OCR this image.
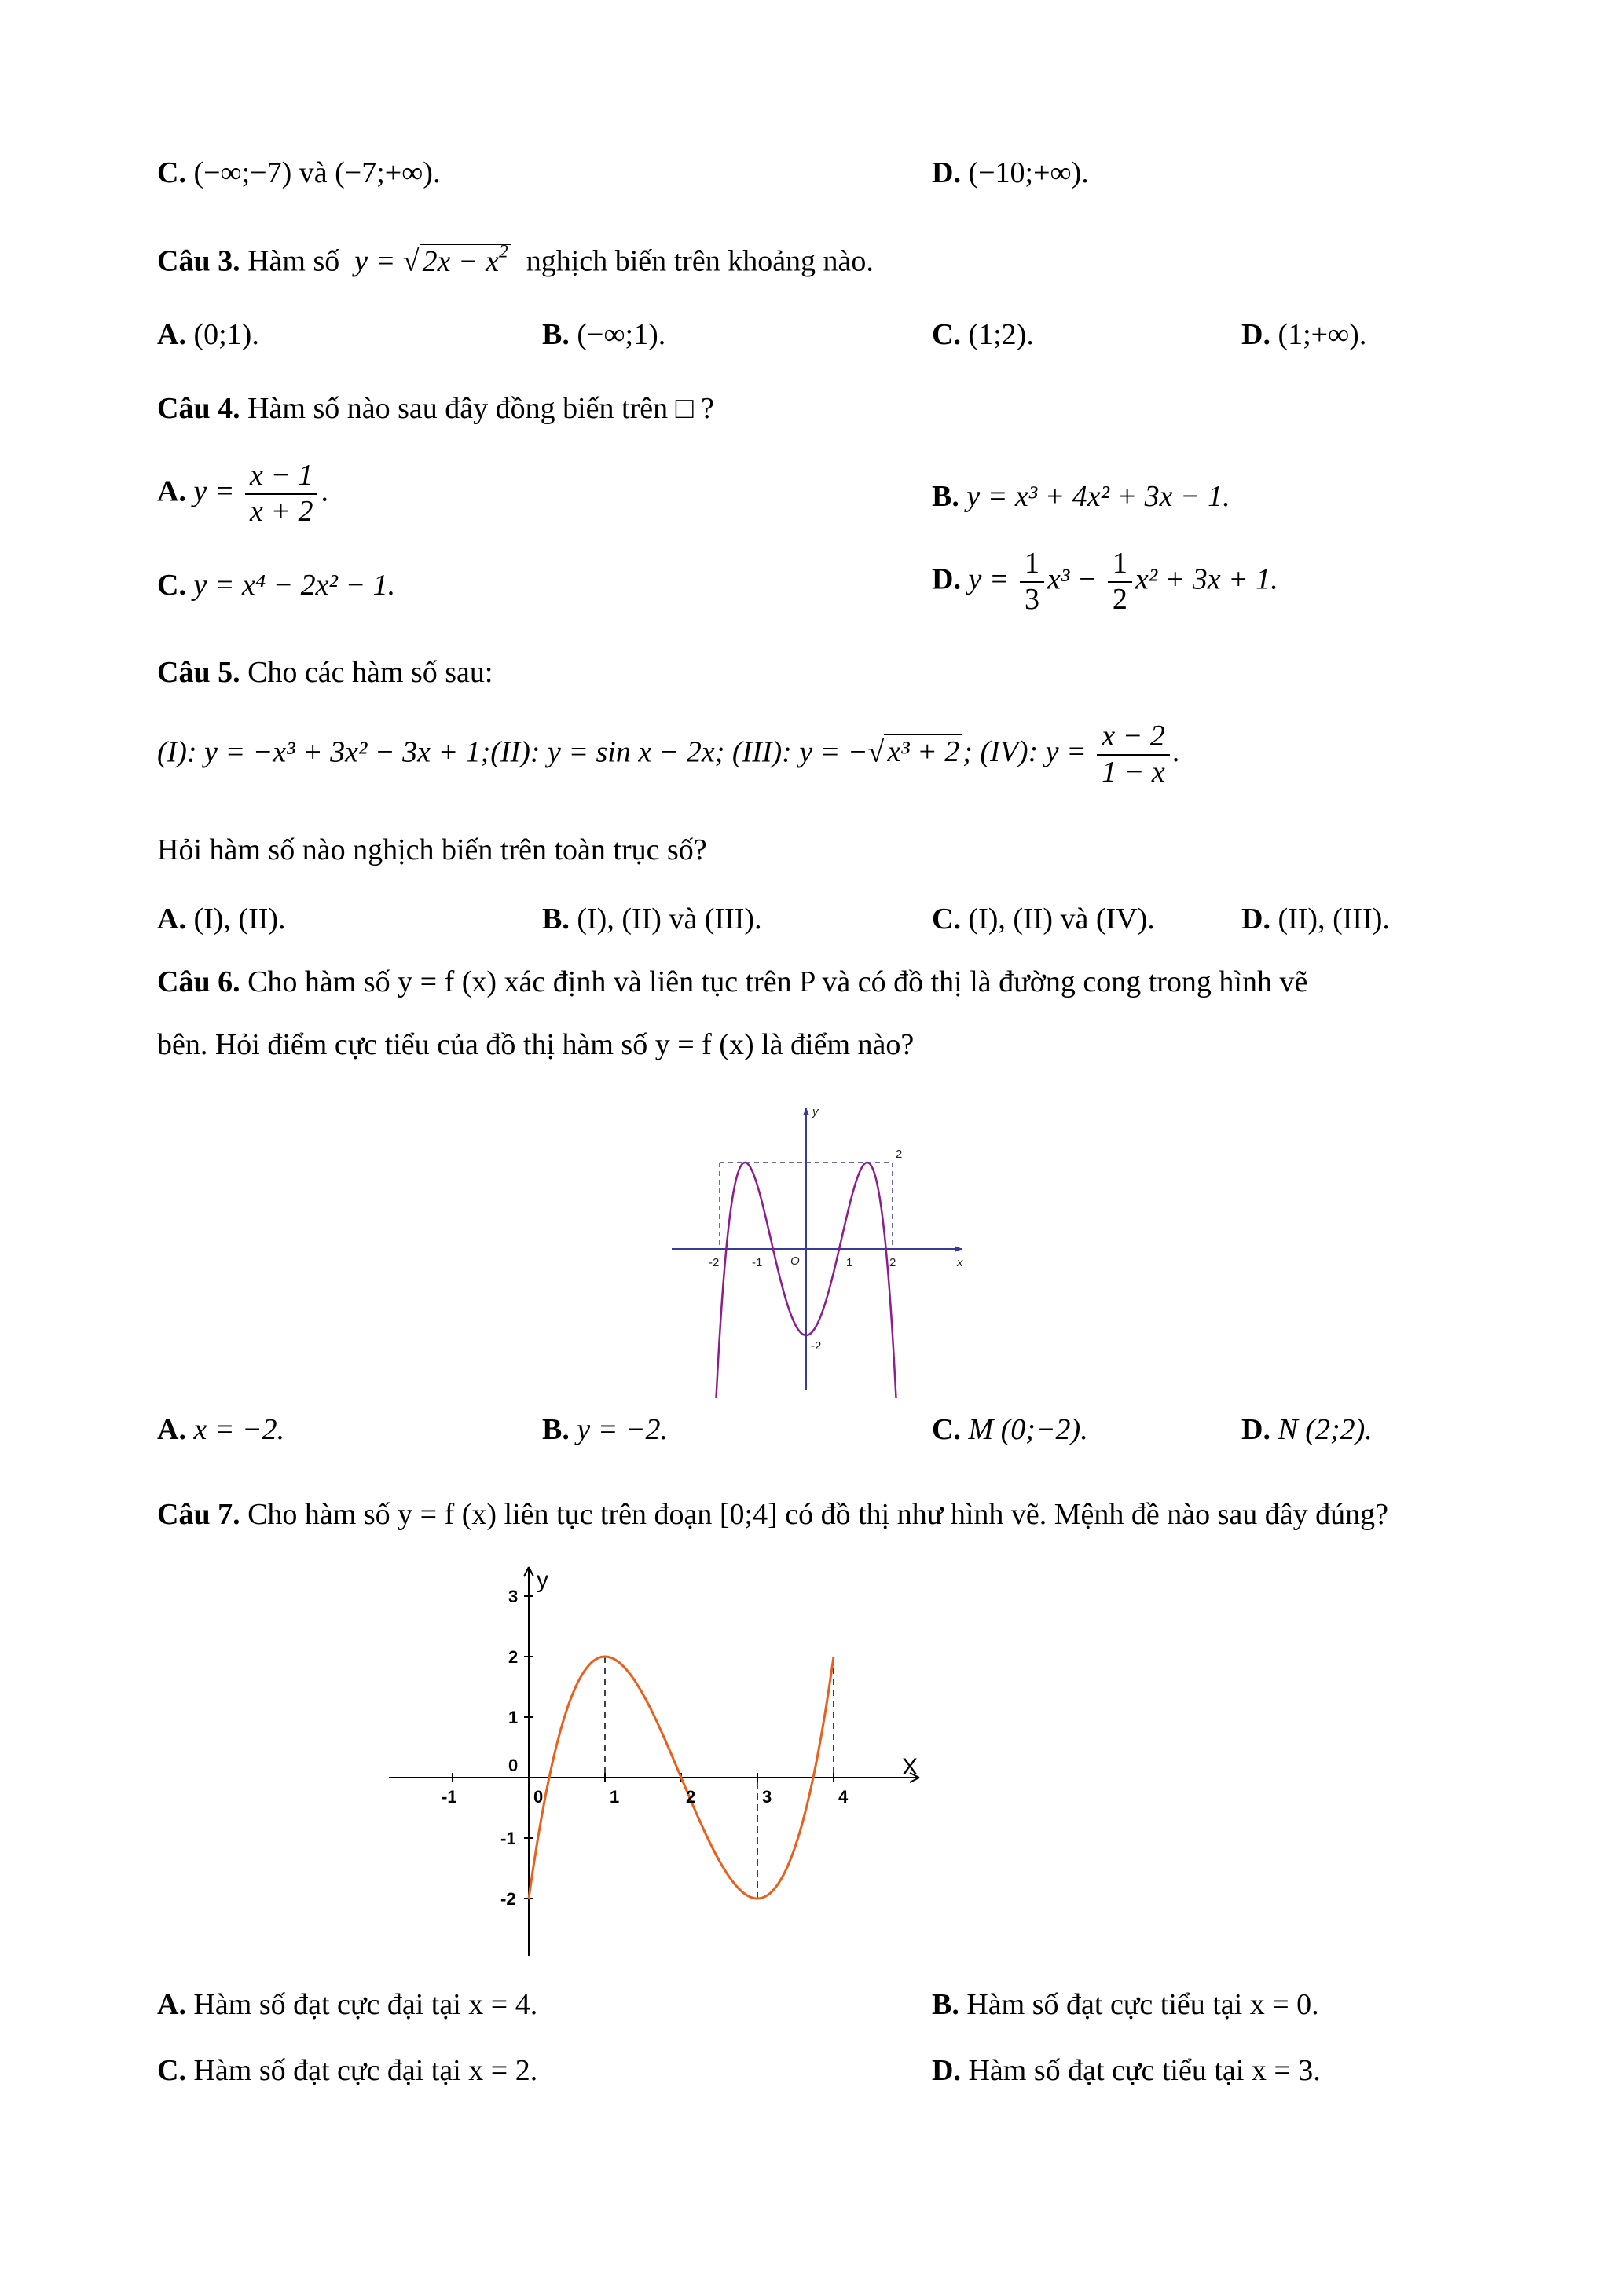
C. (−∞;−7) và (−7;+∞).	D. (−10;+∞).
Câu 3. Hàm số y = √ $2x - x^2$ nghịch biến trên khoảng nào.
A. (0;1).	B. (−∞;1).	C. (1;2).	D. (1;+∞).
Câu 4. Hàm số nào sau đây đồng biến trên □ ?
A. $y = \frac{x - 1}{x + 2}$ .	B. y = x³ + 4x² + 3x − 1.
C. y = x⁴ − 2x² − 1.	D. $y = \frac{1}{3} x^3 - \frac{1}{2} x^2 + 3x + 1$.
Câu 5. Cho các hàm số sau:
(I): y = −x³ + 3x² − 3x + 1;(II): y = sin x − 2x; (III): y = −√ x³ + 2 ; (IV): $y = \frac{x - 2}{1 - x}$ .
Hỏi hàm số nào nghịch biến trên toàn trục số?
A. (I), (II).	B. (I), (II) và (III).	C. (I), (II) và (IV).	D. (II), (III).
Câu 6. Cho hàm số y = f (x) xác định và liên tục trên P và có đồ thị là đường cong trong hình vẽ
bên. Hỏi điểm cực tiểu của đồ thị hàm số y = f (x) là điểm nào?
-2	-1	1	2
2
-2
O	x
y
A. x = −2.	B. y = −2.	C. M (0;−2).	D. N (2;2).
Câu 7. Cho hàm số y = f (x) liên tục trên đoạn [0;4] có đồ thị như hình vẽ. Mệnh đề nào sau đây đúng?
-1	0	1	2	3	4
3
2
1
0
-1
-2
y
X
A. Hàm số đạt cực đại tại x = 4.	B. Hàm số đạt cực tiểu tại x = 0.
C. Hàm số đạt cực đại tại x = 2.	D. Hàm số đạt cực tiểu tại x = 3.
